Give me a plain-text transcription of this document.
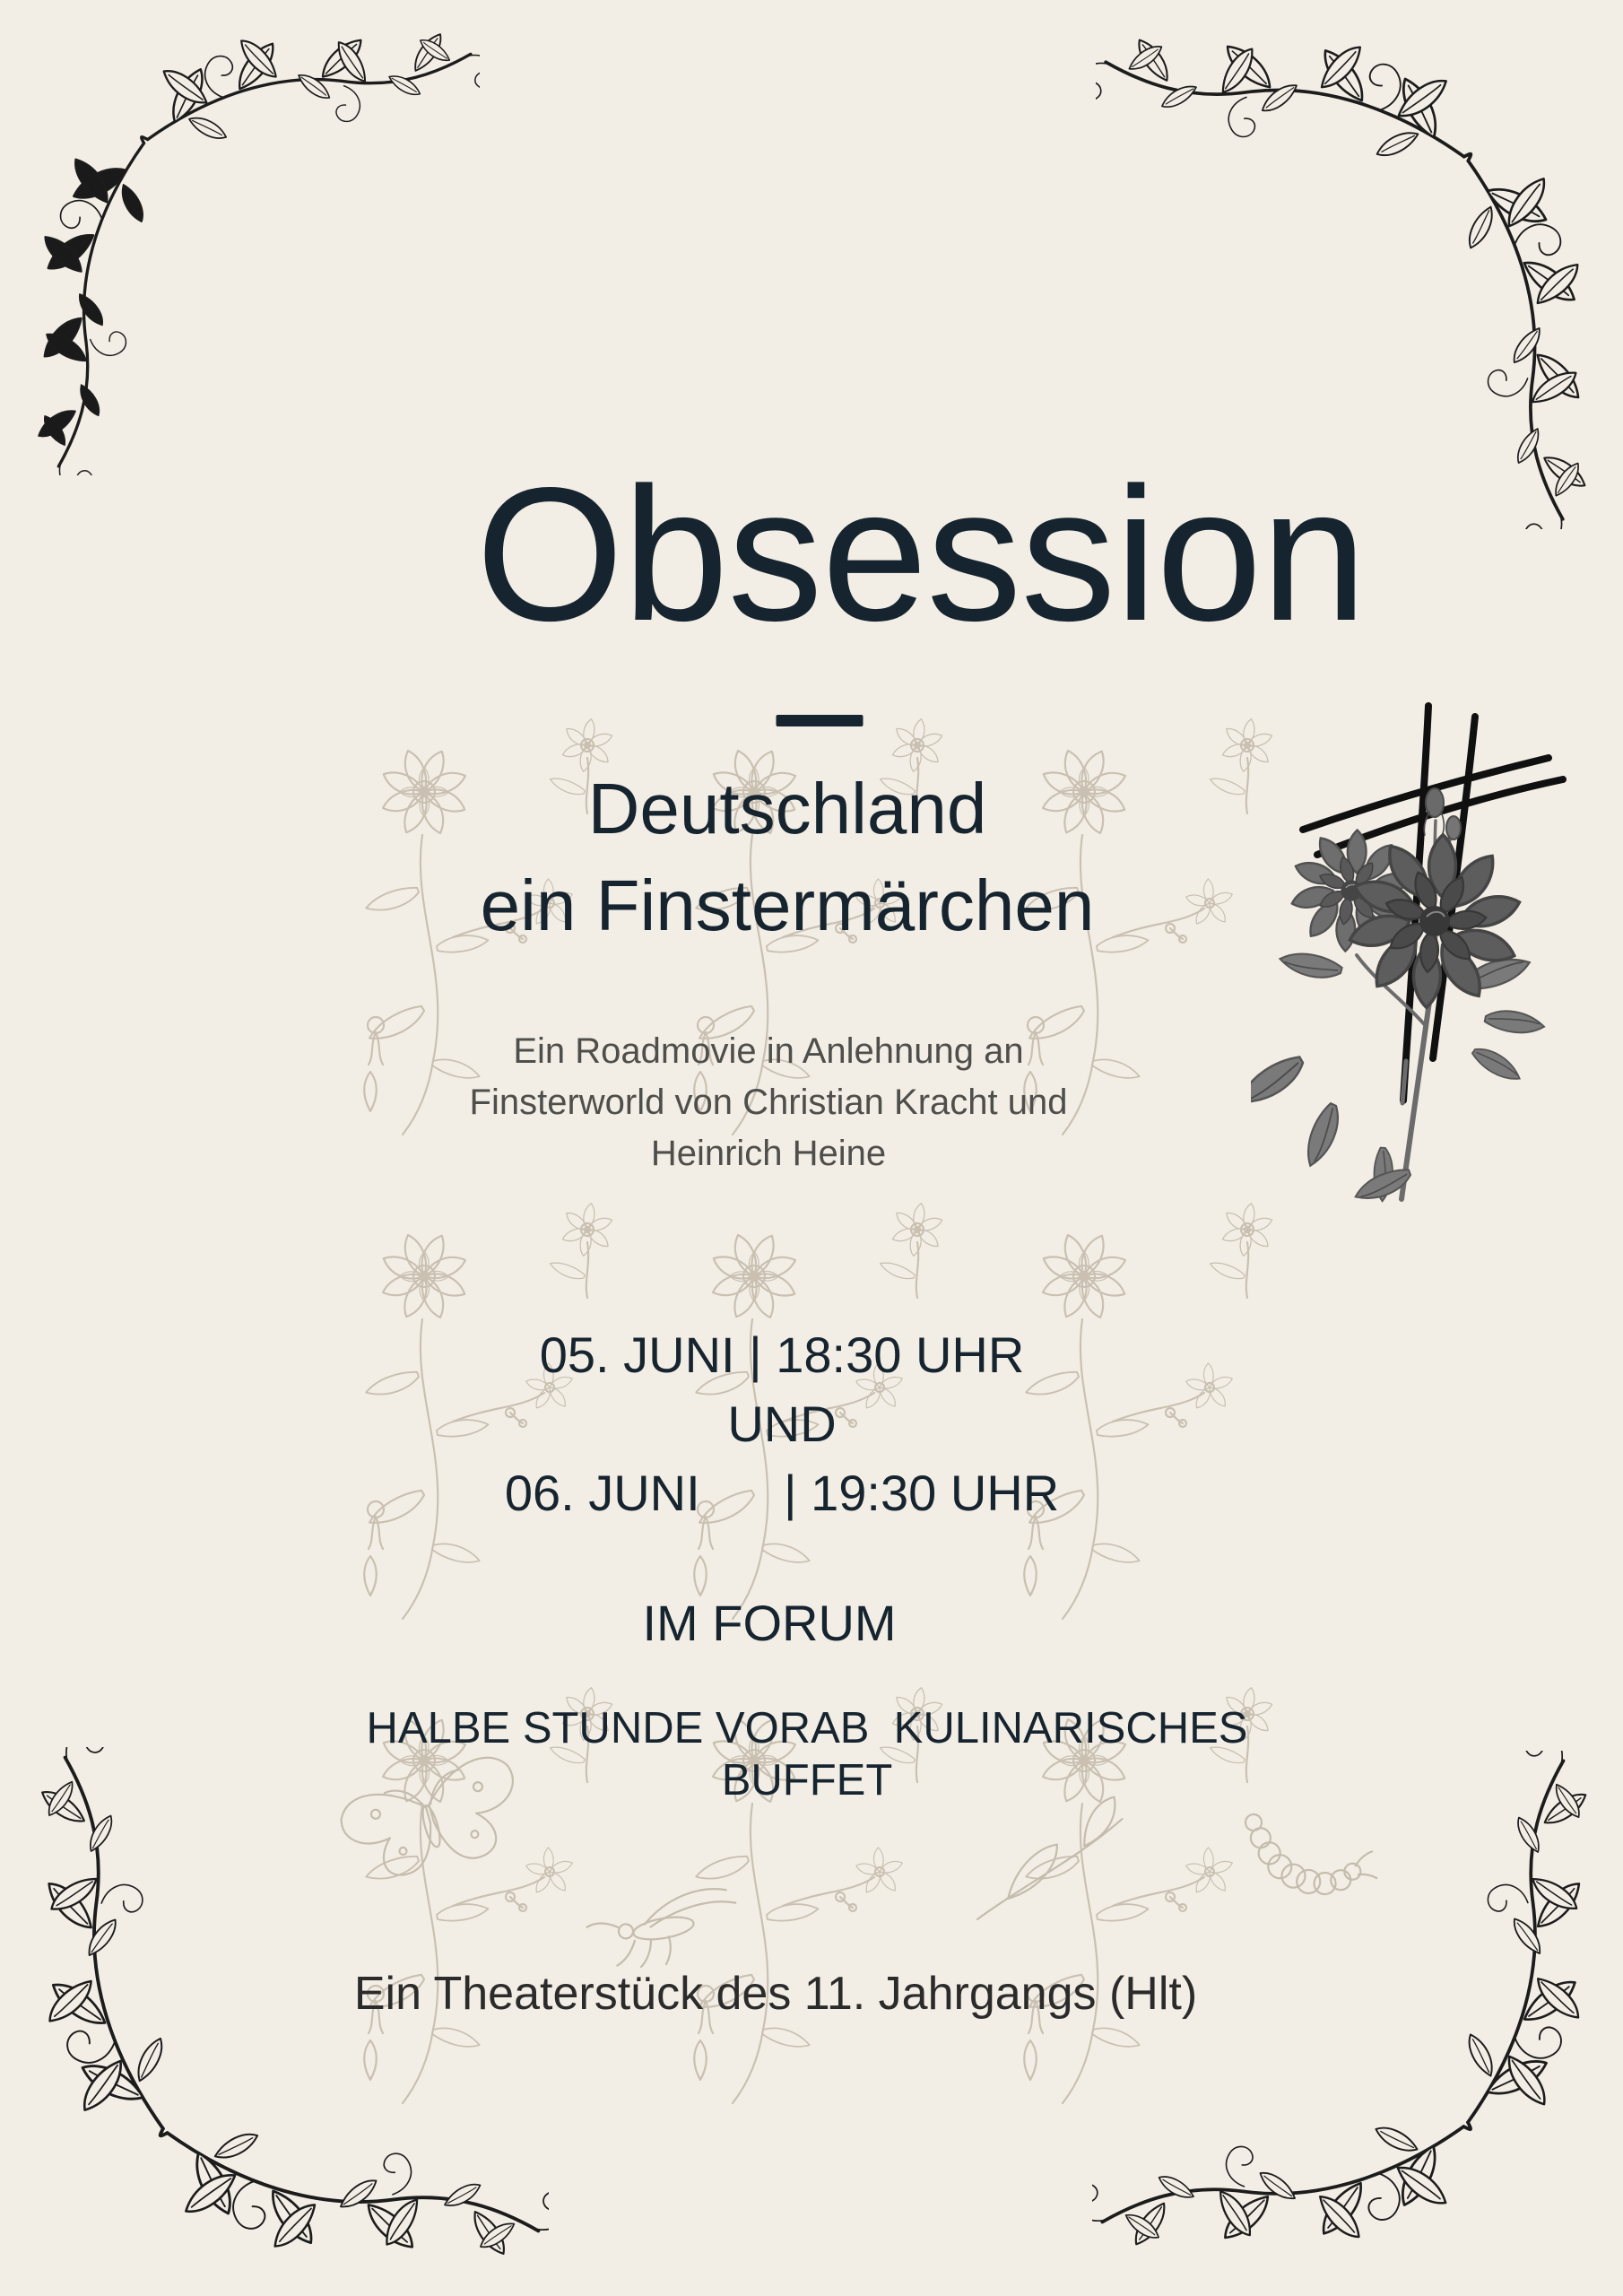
Obsession
Deutschland
ein Finstermärchen
Ein Roadmovie in Anlehnung an
Finsterworld von Christian Kracht und
Heinrich Heine
05. JUNI | 18:30 UHR
UND
06. JUNI      | 19:30 UHR
IM FORUM
HALBE STUNDE VORAB  KULINARISCHES
BUFFET
Ein Theaterstück des 11. Jahrgangs (Hlt)
